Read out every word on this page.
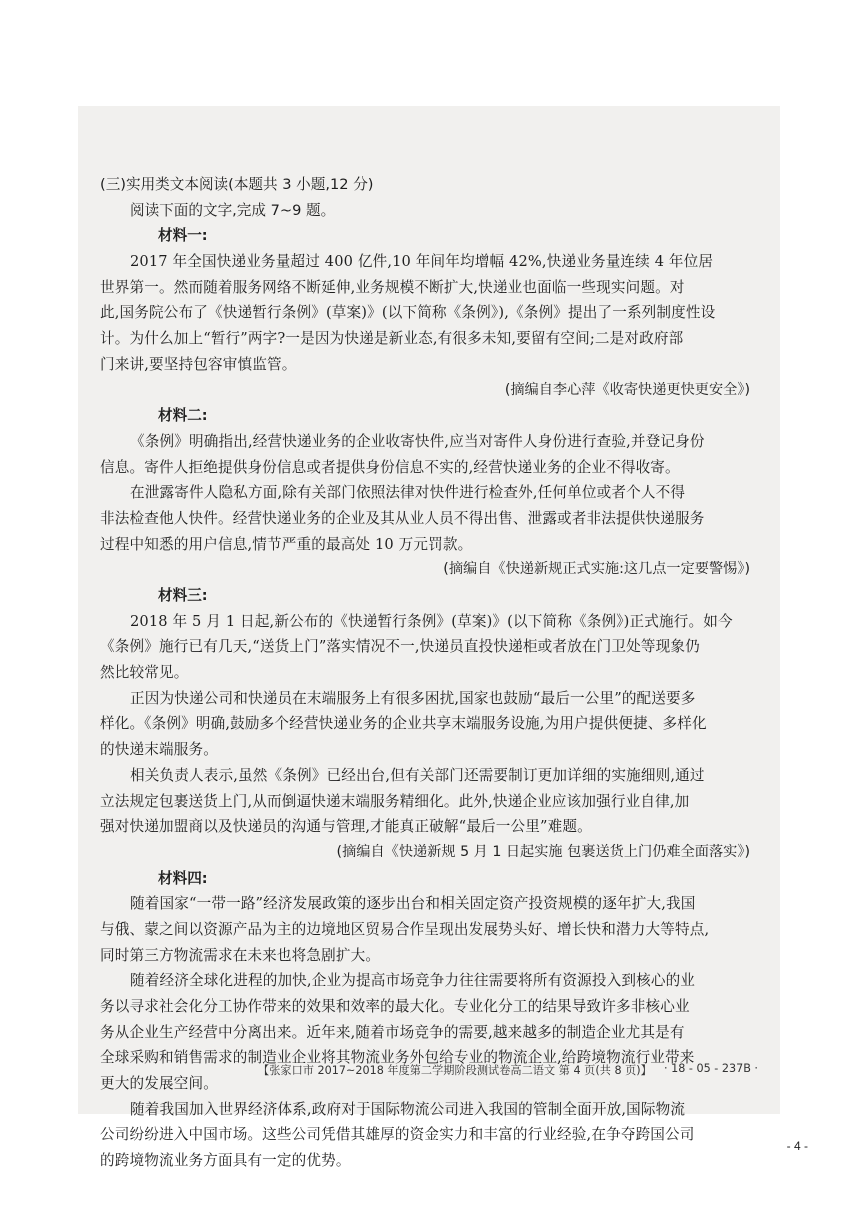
(三)实用类文本阅读(本题共 3 小题,12 分)
阅读下面的文字,完成 7~9 题。
材料一:
2017 年全国快递业务量超过 400 亿件,10 年间年均增幅 42%,快递业务量连续 4 年位居
世界第一。然而随着服务网络不断延伸,业务规模不断扩大,快递业也面临一些现实问题。对
此,国务院公布了《快递暂行条例》(草案)》(以下简称《条例》),《条例》提出了一系列制度性设
计。为什么加上“暂行”两字?一是因为快递是新业态,有很多未知,要留有空间;二是对政府部
门来讲,要坚持包容审慎监管。
(摘编自李心萍《收寄快递更快更安全》)
材料二:
《条例》明确指出,经营快递业务的企业收寄快件,应当对寄件人身份进行查验,并登记身份
信息。寄件人拒绝提供身份信息或者提供身份信息不实的,经营快递业务的企业不得收寄。
在泄露寄件人隐私方面,除有关部门依照法律对快件进行检查外,任何单位或者个人不得
非法检查他人快件。经营快递业务的企业及其从业人员不得出售、泄露或者非法提供快递服务
过程中知悉的用户信息,情节严重的最高处 10 万元罚款。
(摘编自《快递新规正式实施:这几点一定要警惕》)
材料三:
2018 年 5 月 1 日起,新公布的《快递暂行条例》(草案)》(以下简称《条例》)正式施行。如今
《条例》施行已有几天,“送货上门”落实情况不一,快递员直投快递柜或者放在门卫处等现象仍
然比较常见。
正因为快递公司和快递员在末端服务上有很多困扰,国家也鼓励“最后一公里”的配送要多
样化。《条例》明确,鼓励多个经营快递业务的企业共享末端服务设施,为用户提供便捷、多样化
的快递末端服务。
相关负责人表示,虽然《条例》已经出台,但有关部门还需要制订更加详细的实施细则,通过
立法规定包裹送货上门,从而倒逼快递末端服务精细化。此外,快递企业应该加强行业自律,加
强对快递加盟商以及快递员的沟通与管理,才能真正破解“最后一公里”难题。
(摘编自《快递新规 5 月 1 日起实施 包裹送货上门仍难全面落实》)
材料四:
随着国家“一带一路”经济发展政策的逐步出台和相关固定资产投资规模的逐年扩大,我国
与俄、蒙之间以资源产品为主的边境地区贸易合作呈现出发展势头好、增长快和潜力大等特点,
同时第三方物流需求在未来也将急剧扩大。
随着经济全球化进程的加快,企业为提高市场竞争力往往需要将所有资源投入到核心的业
务以寻求社会化分工协作带来的效果和效率的最大化。专业化分工的结果导致许多非核心业
务从企业生产经营中分离出来。近年来,随着市场竞争的需要,越来越多的制造企业尤其是有
全球采购和销售需求的制造业企业将其物流业务外包给专业的物流企业,给跨境物流行业带来
更大的发展空间。
随着我国加入世界经济体系,政府对于国际物流公司进入我国的管制全面开放,国际物流
公司纷纷进入中国市场。这些公司凭借其雄厚的资金实力和丰富的行业经验,在争夺跨国公司
的跨境物流业务方面具有一定的优势。
【张家口市 2017~2018 年度第二学期阶段测试卷高二语文 第 4 页(共 8 页)】 · 18 - 05 - 237B ·
- 4 -
